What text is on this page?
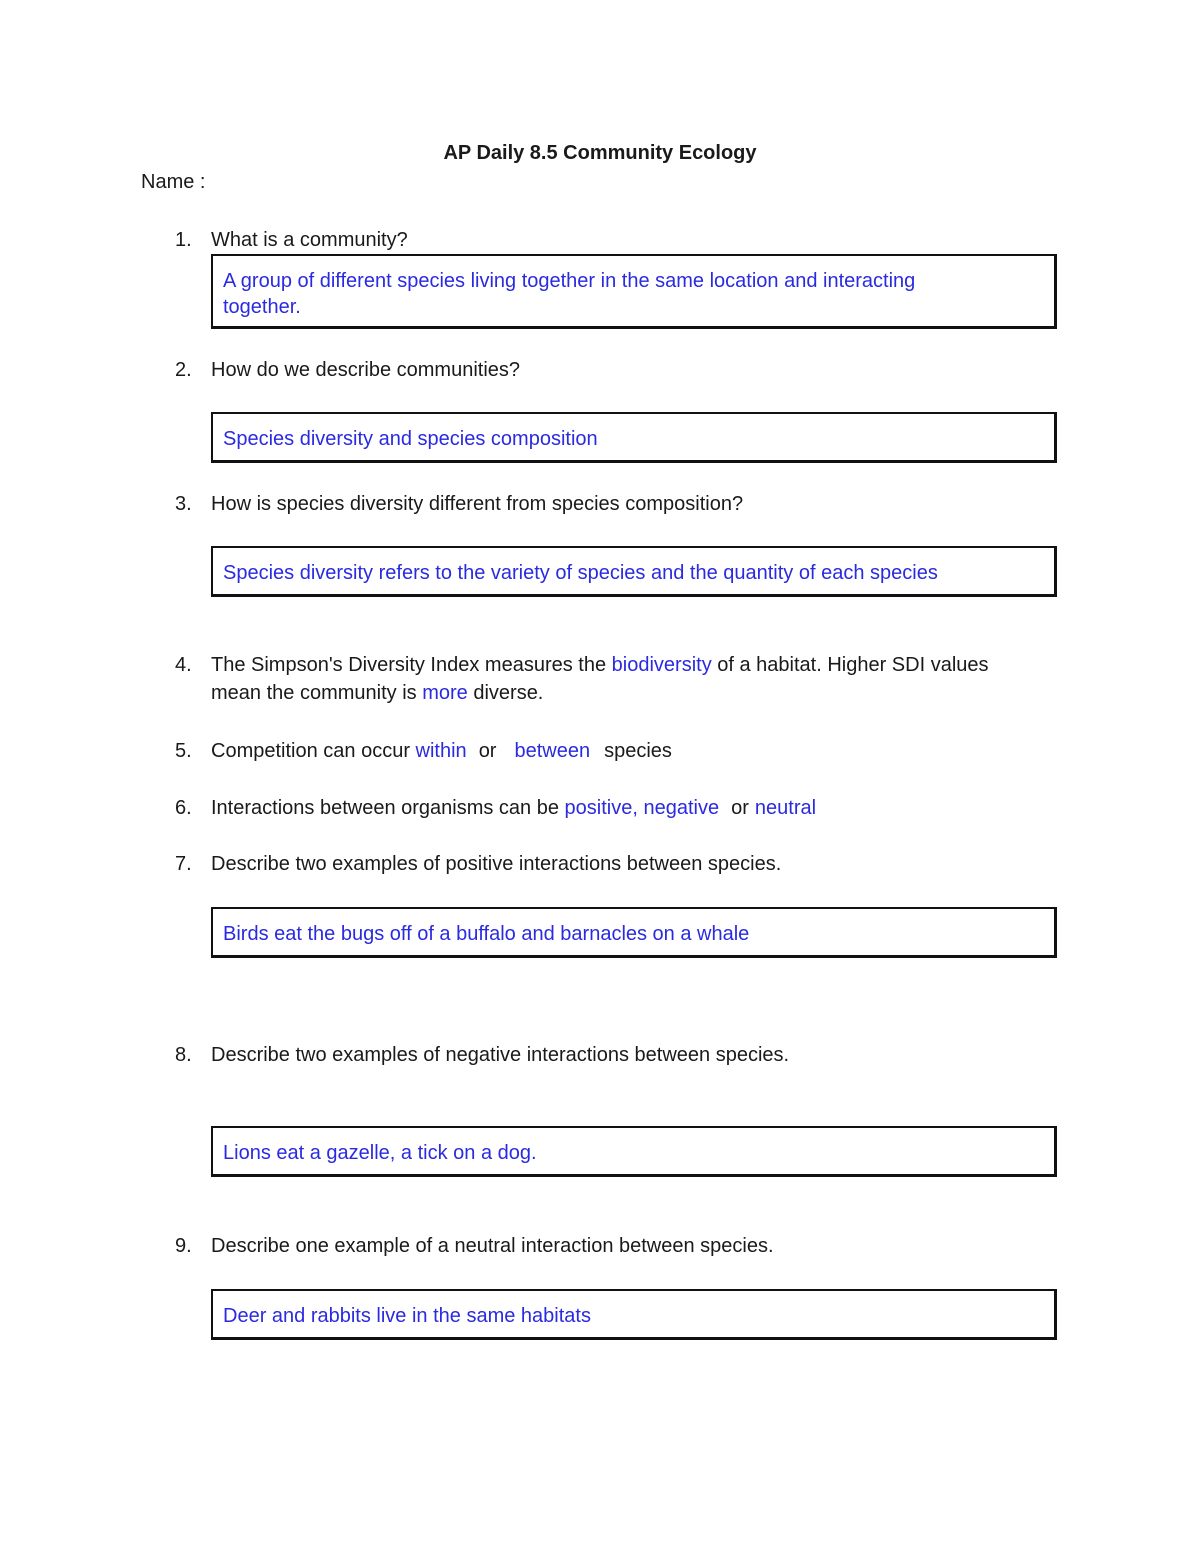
AP Daily 8.5 Community Ecology
Name :
1. What is a community?
A group of different species living together in the same location and interacting together.
2. How do we describe communities?
Species diversity and species composition
3. How is species diversity different from species composition?
Species diversity refers to the variety of species and the quantity of each species
4. The Simpson's Diversity Index measures the biodiversity of a habitat. Higher SDI values
mean the community is more diverse.
5. Competition can occur within or between species
6. Interactions between organisms can be positive, negative or neutral
7. Describe two examples of positive interactions between species.
Birds eat the bugs off of a buffalo and barnacles on a whale
8. Describe two examples of negative interactions between species.
Lions eat a gazelle, a tick on a dog.
9. Describe one example of a neutral interaction between species.
Deer and rabbits live in the same habitats
